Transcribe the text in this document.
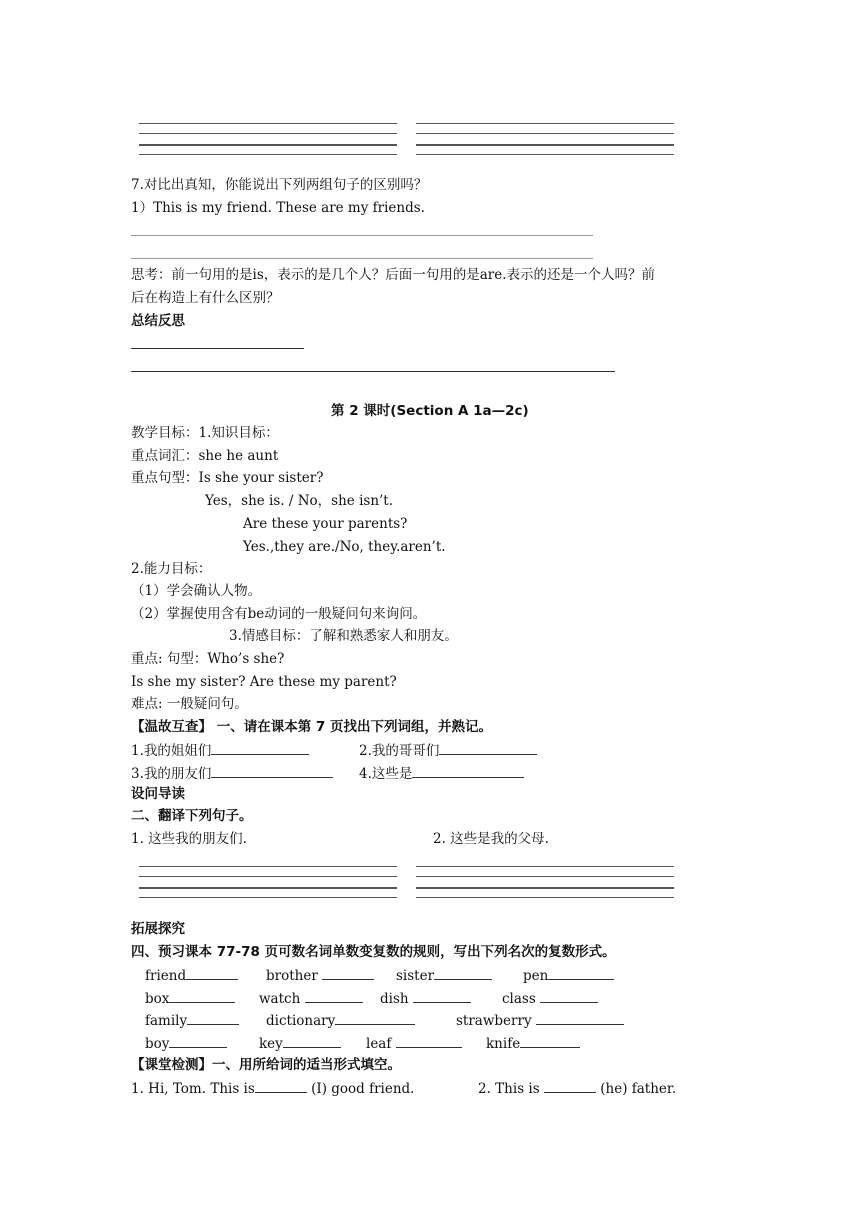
7.对比出真知，你能说出下列两组句子的区别吗？
1）This is my friend. These are my friends.
思考：前一句用的是is，表示的是几个人？后面一句用的是are.表示的还是一个人吗？前
后在构造上有什么区别？
总结反思
第 2 课时(Section A 1a—2c)
教学目标：1.知识目标：
重点词汇：she he aunt
重点句型：Is she your sister?
Yes，she is. / No，she isn’t.
Are these your parents?
Yes.,they are./No, they.aren’t.
2.能力目标：
（1）学会确认人物。
（2）掌握使用含有be动词的一般疑问句来询问。
3.情感目标：了解和熟悉家人和朋友。
重点: 句型：Who’s she?
Is she my sister? Are these my parent?
难点: 一般疑问句。
【温故互查】 一、请在课本第 7 页找出下列词组，并熟记。
1.我的姐姐们	2.我的哥哥们
3.我的朋友们	4.这些是
设问导读
二、翻译下列句子。
1. 这些我的朋友们.	2. 这些是我的父母.
拓展探究
四、预习课本 77-78 页可数名词单数变复数的规则，写出下列名次的复数形式。
friend	brother	sister	pen
box	watch	dish	class
family	dictionary	strawberry
boy	key	leaf	knife
【课堂检测】一、用所给词的适当形式填空。
1. Hi, Tom. This is	(I) good friend.	2. This is	(he) father.
